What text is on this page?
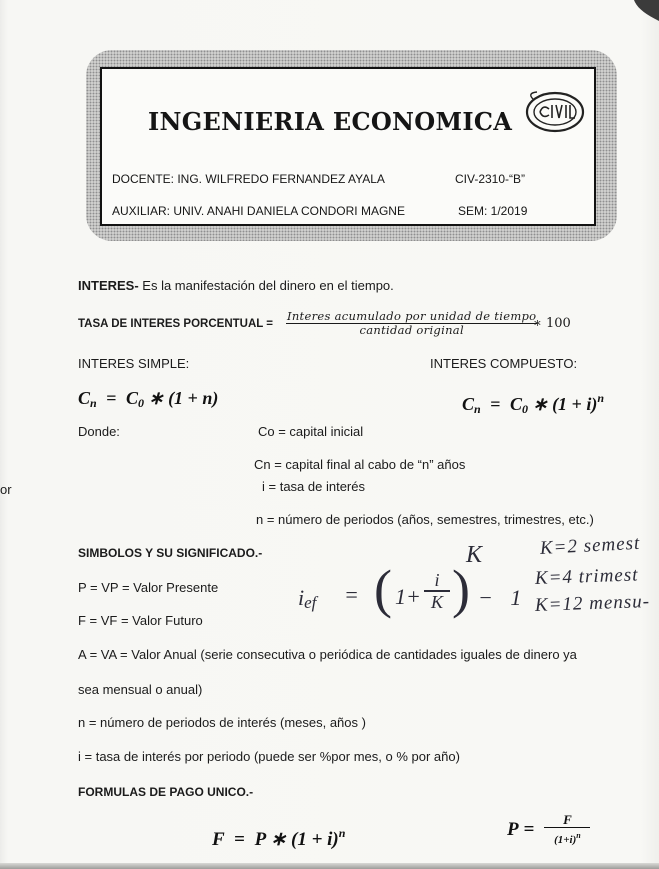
INGENIERIA ECONOMICA
DOCENTE: ING. WILFREDO FERNANDEZ AYALA	CIV-2310-“B”
AUXILIAR: UNIV. ANAHI DANIELA CONDORI MAGNE	SEM: 1/2019
or
INTERES- Es la manifestación del dinero en el tiempo.
TASA DE INTERES PORCENTUAL =
Interes acumulado por unidad de tiempo
cantidad original	∗ 100
INTERES SIMPLE:	INTERES COMPUESTO:
$C_n = C_0$ ∗ (1 + n)	$C_n = C_0$ ∗ $(1 + i)^n$
Donde:	Co = capital inicial
Cn = capital final al cabo de “n” años
i = tasa de interés
n = número de periodos (años, semestres, trimestres, etc.)
SIMBOLOS Y SU SIGNIFICADO.-
P = VP = Valor Presente
F = VF = Valor Futuro
A = VA = Valor Anual (serie consecutiva o periódica de cantidades iguales de dinero ya
sea mensual o anual)
n = número de periodos de interés (meses, años )
i = tasa de interés por periodo (puede ser %por mes, o % por año)
FORMULAS DE PAGO UNICO.-
F = P ∗ $(1 + i)^n$	$P = \frac{F}{(1+i)^n}$
K	K=2 semest
K=4 trimest
K=12 mensu-
ief = ( $1+ \frac{i}{K}$ ) − 1
